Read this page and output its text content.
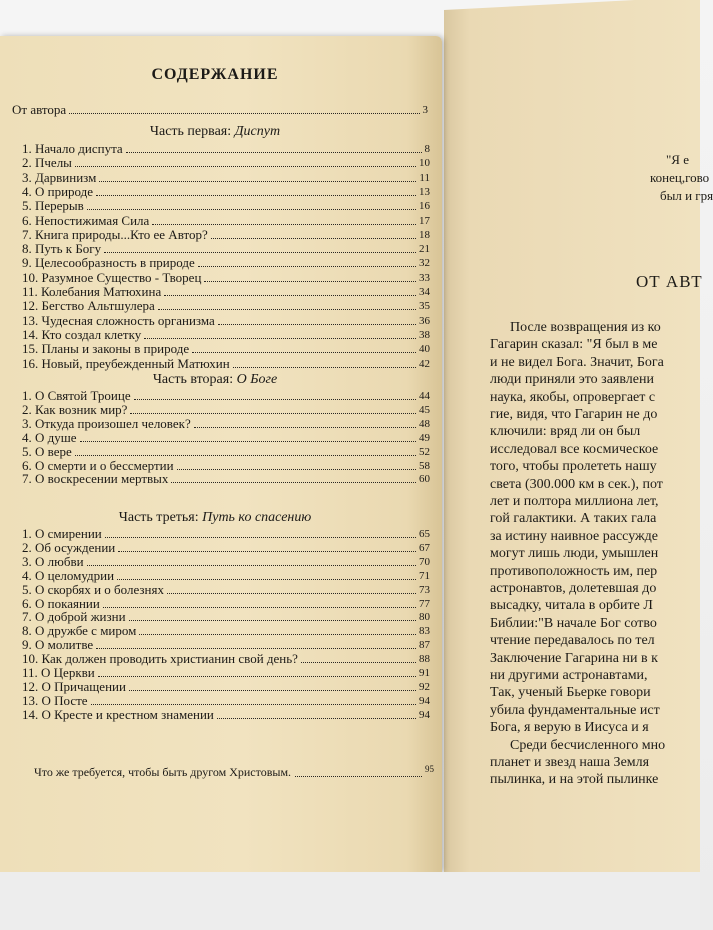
СОДЕРЖАНИЕ
От автора	3
Часть первая: Диспут
1. Начало диспута	8
2. Пчелы	10
3. Дарвинизм	11
4. О природе	13
5. Перерыв	16
6. Непостижимая Сила	17
7. Книга природы...Кто ее Автор?	18
8. Путь к Богу	21
9. Целесообразность в природе	32
10. Разумное Существо - Творец	33
11. Колебания Матюхина	34
12. Бегство Альтшулера	35
13. Чудесная сложность организма	36
14. Кто создал клетку	38
15. Планы и законы в природе	40
16. Новый, преубежденный Матюхин	42
Часть вторая: О Боге
1. О Святой Троице	44
2. Как возник мир?	45
3. Откуда произошел человек?	48
4. О душе	49
5. О вере	52
6. О смерти и о бессмертии	58
7. О воскресении мертвых	60
Часть третья: Путь ко спасению
1. О смирении	65
2. Об осуждении	67
3. О любви	70
4. О целомудрии	71
5. О скорбях и о болезнях	73
6. О покаянии	77
7. О доброй жизни	80
8. О дружбе с миром	83
9. О молитве	87
10. Как должен проводить христианин свой день?	88
11. О Церкви	91
12. О Причащении	92
13. О Посте	94
14. О Кресте и крестном знамении	94
Что же требуется, чтобы быть другом Христовым.	95
"Я е
конец,гово
был и гря
ОТ АВТ
После возвращения из ко
Гагарин сказал: "Я был в ме
и не видел Бога. Значит, Бога
люди приняли это заявлени
наука, якобы, опровергает с
гие, видя, что Гагарин не до
ключили: вряд ли он был
исследовал все космическое
того, чтобы пролететь нашу
света (300.000 км в сек.), пот
лет и полтора миллиона лет,
гой галактики. А таких гала
за истину наивное рассужде
могут лишь люди, умышлен
противоположность им, пер
астронавтов, долетевшая до
высадку, читала в орбите Л
Библии:"В начале Бог сотво
чтение передавалось по тел
Заключение Гагарина ни в к
ни другими астронавтами,
Так, ученый Бьерке говори
убила фундаментальные ист
Бога, я верую в Иисуса и я
Среди бесчисленного мно
планет и звезд наша Земля
пылинка, и на этой пылинке
